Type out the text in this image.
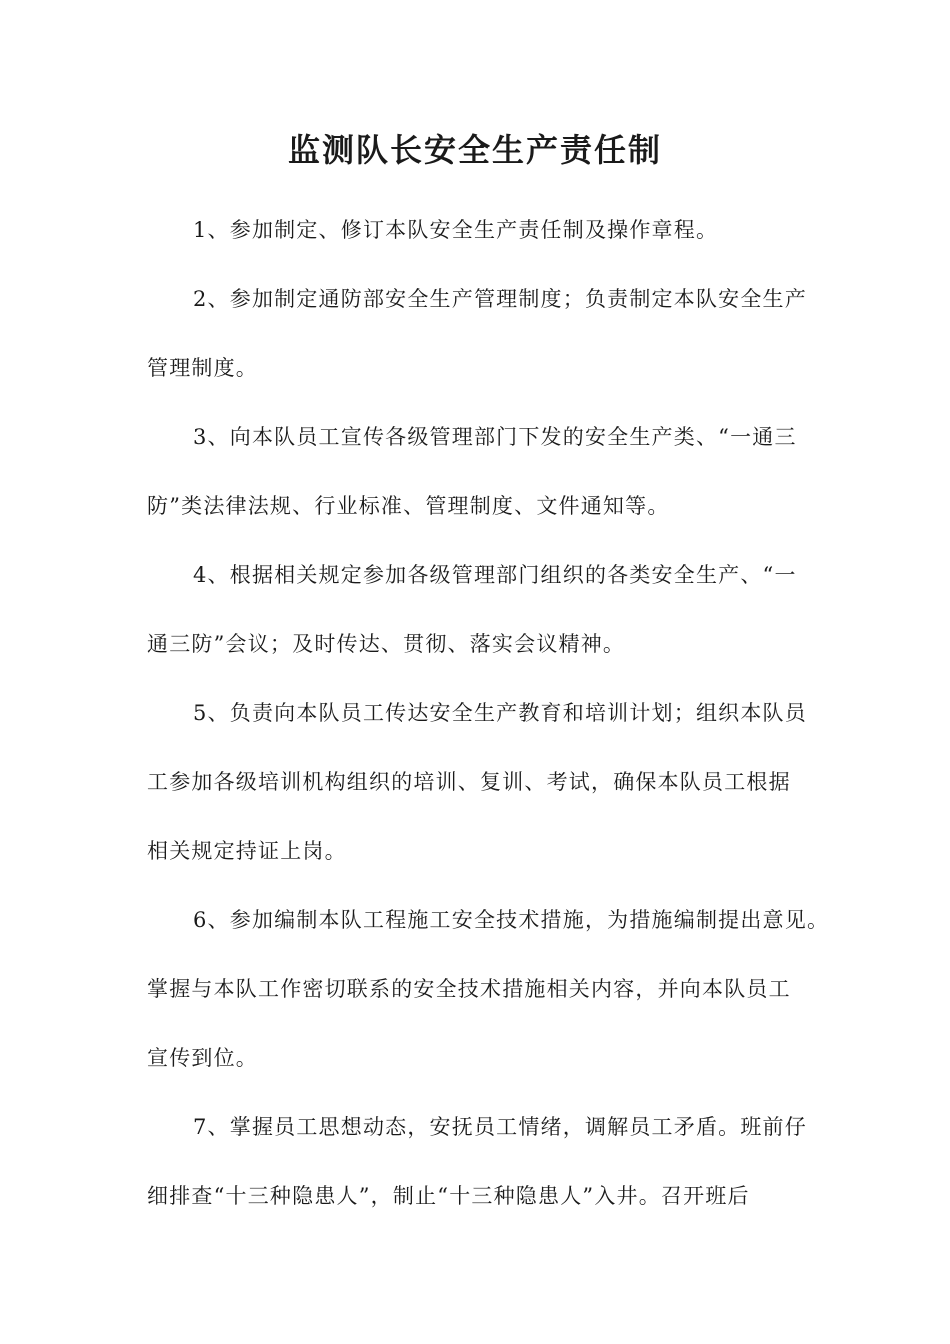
监测队长安全生产责任制

1、参加制定、修订本队安全生产责任制及操作章程。

2、参加制定通防部安全生产管理制度；负责制定本队安全生产
管理制度。

3、向本队员工宣传各级管理部门下发的安全生产类、“一通三
防”类法律法规、行业标准、管理制度、文件通知等。

4、根据相关规定参加各级管理部门组织的各类安全生产、“一
通三防”会议；及时传达、贯彻、落实会议精神。

5、负责向本队员工传达安全生产教育和培训计划；组织本队员
工参加各级培训机构组织的培训、复训、考试，确保本队员工根据
相关规定持证上岗。

6、参加编制本队工程施工安全技术措施，为措施编制提出意见。
掌握与本队工作密切联系的安全技术措施相关内容，并向本队员工
宣传到位。

7、掌握员工思想动态，安抚员工情绪，调解员工矛盾。班前仔
细排查“十三种隐患人”，制止“十三种隐患人”入井。召开班后
